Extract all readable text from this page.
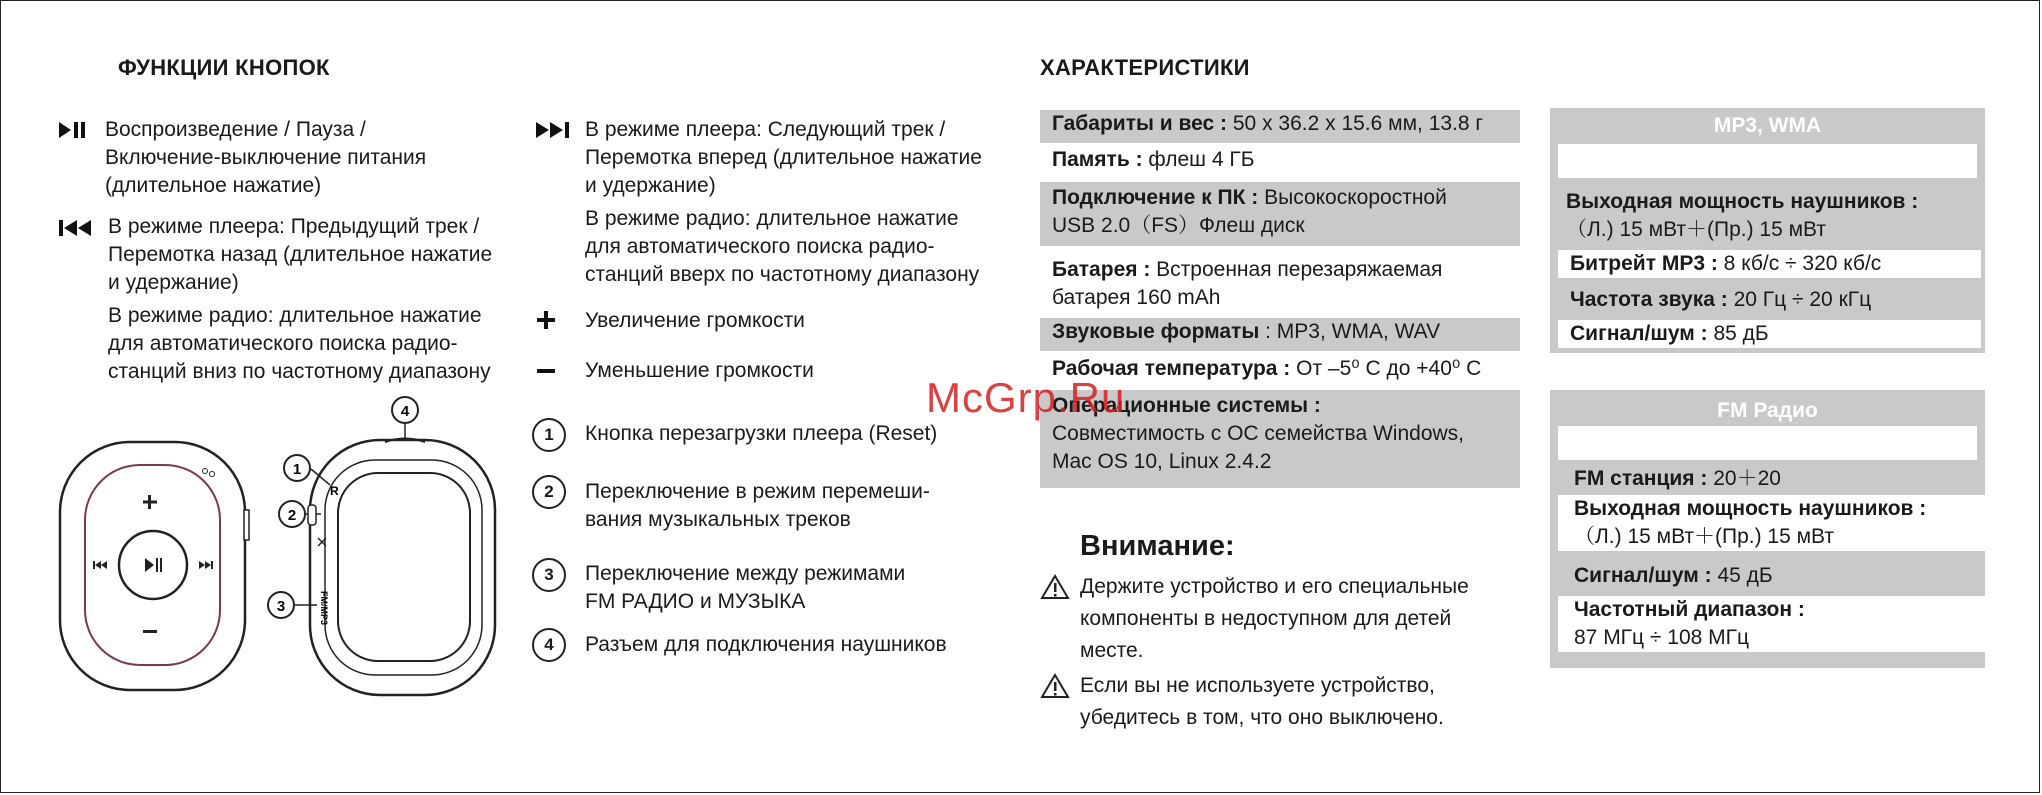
ФУНКЦИИ КНОПОК	ХАРАКТЕРИСТИКИ
Воспроизведение / Пауза /
Включение-выключение питания
(длительное нажатие)
В режиме плеера: Предыдущий трек /
Перемотка назад (длительное нажатие
и удержание)
В режиме радио: длительное нажатие
для автоматического поиска радио-
станций вниз по частотному диапазону
В режиме плеера: Следующий трек /
Перемотка вперед (длительное нажатие
и удержание)
В режиме радио: длительное нажатие
для автоматического поиска радио-
станций вверх по частотному диапазону
Увеличение громкости
Уменьшение громкости
1	Кнопка перезагрузки плеера (Reset)
2	Переключение в режим перемеши-
вания музыкальных треков
3	Переключение между режимами
FM РАДИО и МУЗЫКА
4	Разъем для подключения наушников
4
1
R
2
3	FM/MP3
Габариты и вес : 50 x 36.2 x 15.6 мм, 13.8 г
Память : флеш 4 ГБ
Подключение к ПК : Высокоскоростной
USB 2.0（FS）Флеш диск
Батарея : Встроенная перезаряжаемая
батарея 160 mAh
Звуковые форматы : MP3, WMA, WAV
Рабочая температура : От –5⁰ С до +40⁰ С
Операционные системы :
Совместимость с ОС семейства Windows,
Mac OS 10, Linux 2.4.2
McGrp.Ru
Внимание:
Держите устройство и его специальные
компоненты в недоступном для детей
месте.
Если вы не используете устройство,
убедитесь в том, что оно выключено.
MP3, WMA
Выходная мощность наушников :
（Л.) 15 мВт＋(Пр.) 15 мВт
Битрейт MP3 : 8 кб/с ÷ 320 кб/с
Частота звука : 20 Гц ÷ 20 кГц
Сигнал/шум : 85 дБ
FM Радио
FM станция : 20＋20
Выходная мощность наушников :
（Л.) 15 мВт＋(Пр.) 15 мВт
Сигнал/шум : 45 дБ
Частотный диапазон :
87 МГц ÷ 108 МГц
